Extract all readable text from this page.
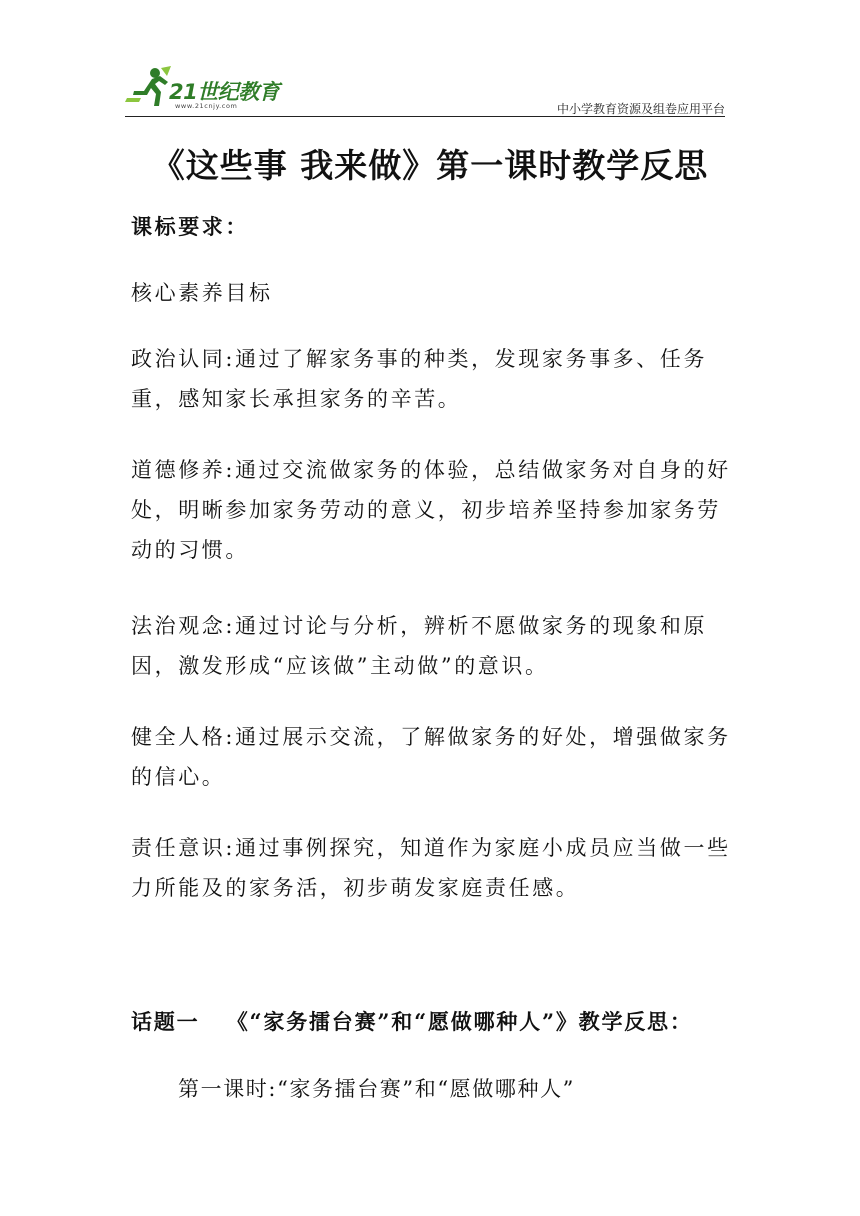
21世纪教育
www.21cnjy.com	中小学教育资源及组卷应用平台
《这些事 我来做》第一课时教学反思
课标要求：
核心素养目标
政治认同:通过了解家务事的种类，发现家务事多、任务重，感知家长承担家务的辛苦。
道德修养:通过交流做家务的体验，总结做家务对自身的好处，明晰参加家务劳动的意义，初步培养坚持参加家务劳动的习惯。
法治观念:通过讨论与分析，辨析不愿做家务的现象和原因，激发形成“应该做”主动做”的意识。
健全人格:通过展示交流，了解做家务的好处，增强做家务的信心。
责任意识:通过事例探究，知道作为家庭小成员应当做一些力所能及的家务活，初步萌发家庭责任感。
话题一   《“家务擂台赛”和“愿做哪种人”》教学反思：
第一课时:“家务擂台赛”和“愿做哪种人”
